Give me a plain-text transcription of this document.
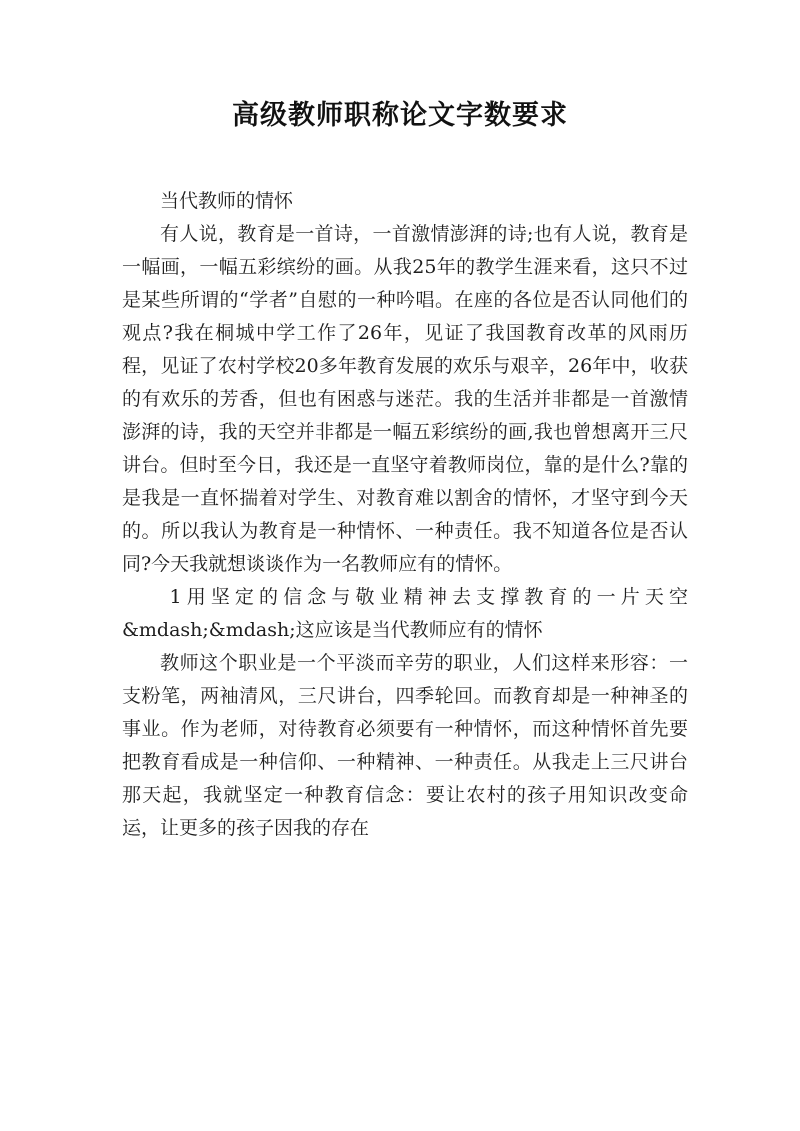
高级教师职称论文字数要求

当代教师的情怀

有人说，教育是一首诗，一首激情澎湃的诗;也有人说，教育是一幅画，一幅五彩缤纷的画。从我25年的教学生涯来看，这只不过是某些所谓的“学者”自慰的一种吟唱。在座的各位是否认同他们的观点?我在桐城中学工作了26年，见证了我国教育改革的风雨历程，见证了农村学校20多年教育发展的欢乐与艰辛，26年中，收获的有欢乐的芳香，但也有困惑与迷茫。我的生活并非都是一首激情澎湃的诗，我的天空并非都是一幅五彩缤纷的画,我也曾想离开三尺讲台。但时至今日，我还是一直坚守着教师岗位，靠的是什么?靠的是我是一直怀揣着对学生、对教育难以割舍的情怀，才坚守到今天的。所以我认为教育是一种情怀、一种责任。我不知道各位是否认同?今天我就想谈谈作为一名教师应有的情怀。

1用坚定的信念与敬业精神去支撑教育的一片天空&mdash;&mdash;这应该是当代教师应有的情怀

教师这个职业是一个平淡而辛劳的职业，人们这样来形容：一支粉笔，两袖清风，三尺讲台，四季轮回。而教育却是一种神圣的事业。作为老师，对待教育必须要有一种情怀，而这种情怀首先要把教育看成是一种信仰、一种精神、一种责任。从我走上三尺讲台那天起，我就坚定一种教育信念：要让农村的孩子用知识改变命运，让更多的孩子因我的存在
